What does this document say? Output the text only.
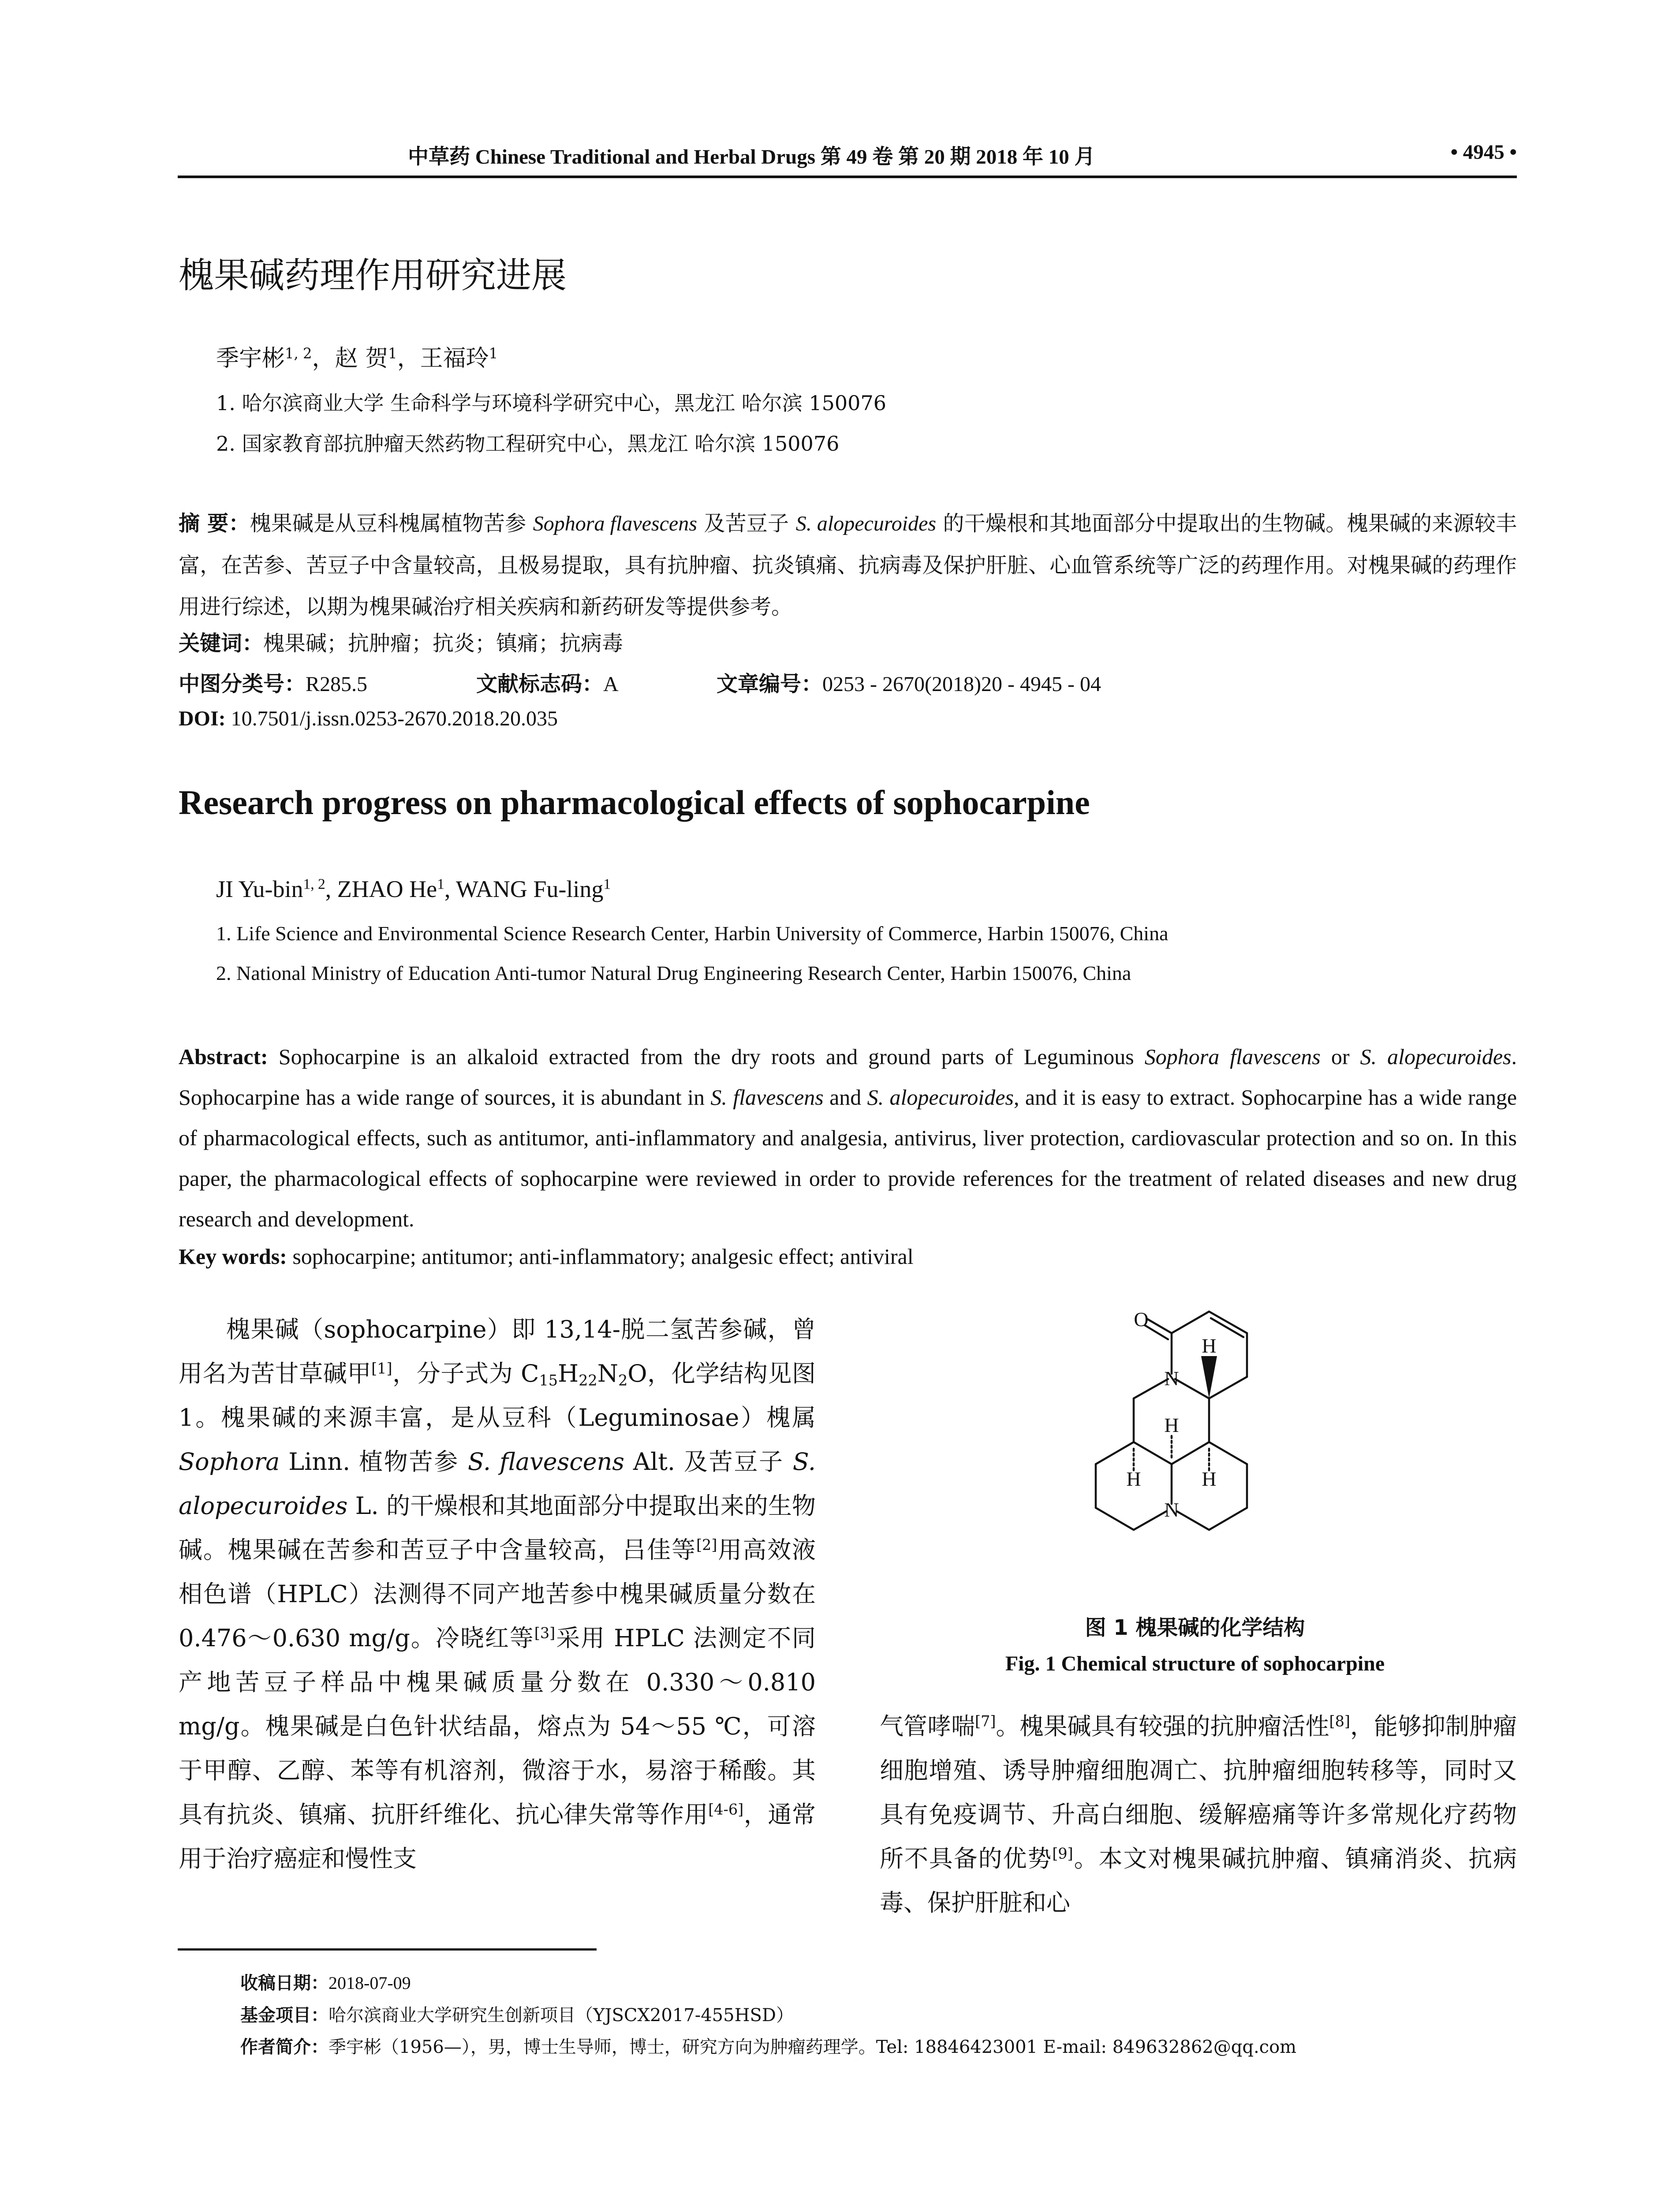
中草药 Chinese Traditional and Herbal Drugs 第 49 卷 第 20 期 2018 年 10 月	• 4945 •
槐果碱药理作用研究进展
季宇彬$^{1, 2}$，赵 贺$^1$，王福玲$^1$
1. 哈尔滨商业大学 生命科学与环境科学研究中心，黑龙江 哈尔滨 150076
2. 国家教育部抗肿瘤天然药物工程研究中心，黑龙江 哈尔滨 150076
摘 要：槐果碱是从豆科槐属植物苦参 Sophora flavescens 及苦豆子 S. alopecuroides 的干燥根和其地面部分中提取出的生物碱。槐果碱的来源较丰富，在苦参、苦豆子中含量较高，且极易提取，具有抗肿瘤、抗炎镇痛、抗病毒及保护肝脏、心血管系统等广泛的药理作用。对槐果碱的药理作用进行综述，以期为槐果碱治疗相关疾病和新药研发等提供参考。
关键词：槐果碱；抗肿瘤；抗炎；镇痛；抗病毒
中图分类号：R285.5	文献标志码：A	文章编号：0253 - 2670(2018)20 - 4945 - 04
DOI: 10.7501/j.issn.0253-2670.2018.20.035
Research progress on pharmacological effects of sophocarpine
JI Yu-bin$^{1, 2}$, ZHAO He$^1$, WANG Fu-ling$^1$
1. Life Science and Environmental Science Research Center, Harbin University of Commerce, Harbin 150076, China
2. National Ministry of Education Anti-tumor Natural Drug Engineering Research Center, Harbin 150076, China
Abstract: Sophocarpine is an alkaloid extracted from the dry roots and ground parts of Leguminous Sophora flavescens or S. alopecuroides. Sophocarpine has a wide range of sources, it is abundant in S. flavescens and S. alopecuroides, and it is easy to extract. Sophocarpine has a wide range of pharmacological effects, such as antitumor, anti-inflammatory and analgesia, antivirus, liver protection, cardiovascular protection and so on. In this paper, the pharmacological effects of sophocarpine were reviewed in order to provide references for the treatment of related diseases and new drug research and development.
Key words: sophocarpine; antitumor; anti-inflammatory; analgesic effect; antiviral
槐果碱（sophocarpine）即 13,14-脱二氢苦参碱，曾用名为苦甘草碱甲[1]，分子式为 $C_{15}H_{22}N_2O$，化学结构见图 1。槐果碱的来源丰富，是从豆科（Leguminosae）槐属 Sophora Linn. 植物苦参 S. flavescens Alt. 及苦豆子 S. alopecuroides L. 的干燥根和其地面部分中提取出来的生物碱。槐果碱在苦参和苦豆子中含量较高，吕佳等[2]用高效液相色谱（HPLC）法测得不同产地苦参中槐果碱质量分数在 0.476～0.630 mg/g。冷晓红等[3]采用 HPLC 法测定不同产地苦豆子样品中槐果碱质量分数在 0.330～0.810 mg/g。槐果碱是白色针状结晶，熔点为 54～55 ℃，可溶于甲醇、乙醇、苯等有机溶剂，微溶于水，易溶于稀酸。其具有抗炎、镇痛、抗肝纤维化、抗心律失常等作用[4-6]，通常用于治疗癌症和慢性支
O
N
H
H
H	H
N
图 1 槐果碱的化学结构
Fig. 1 Chemical structure of sophocarpine
气管哮喘[7]。槐果碱具有较强的抗肿瘤活性[8]，能够抑制肿瘤细胞增殖、诱导肿瘤细胞凋亡、抗肿瘤细胞转移等，同时又具有免疫调节、升高白细胞、缓解癌痛等许多常规化疗药物所不具备的优势[9]。本文对槐果碱抗肿瘤、镇痛消炎、抗病毒、保护肝脏和心
收稿日期：2018-07-09
基金项目：哈尔滨商业大学研究生创新项目（YJSCX2017-455HSD）
作者简介：季宇彬（1956—），男，博士生导师，博士，研究方向为肿瘤药理学。Tel: 18846423001 E-mail: 849632862@qq.com
